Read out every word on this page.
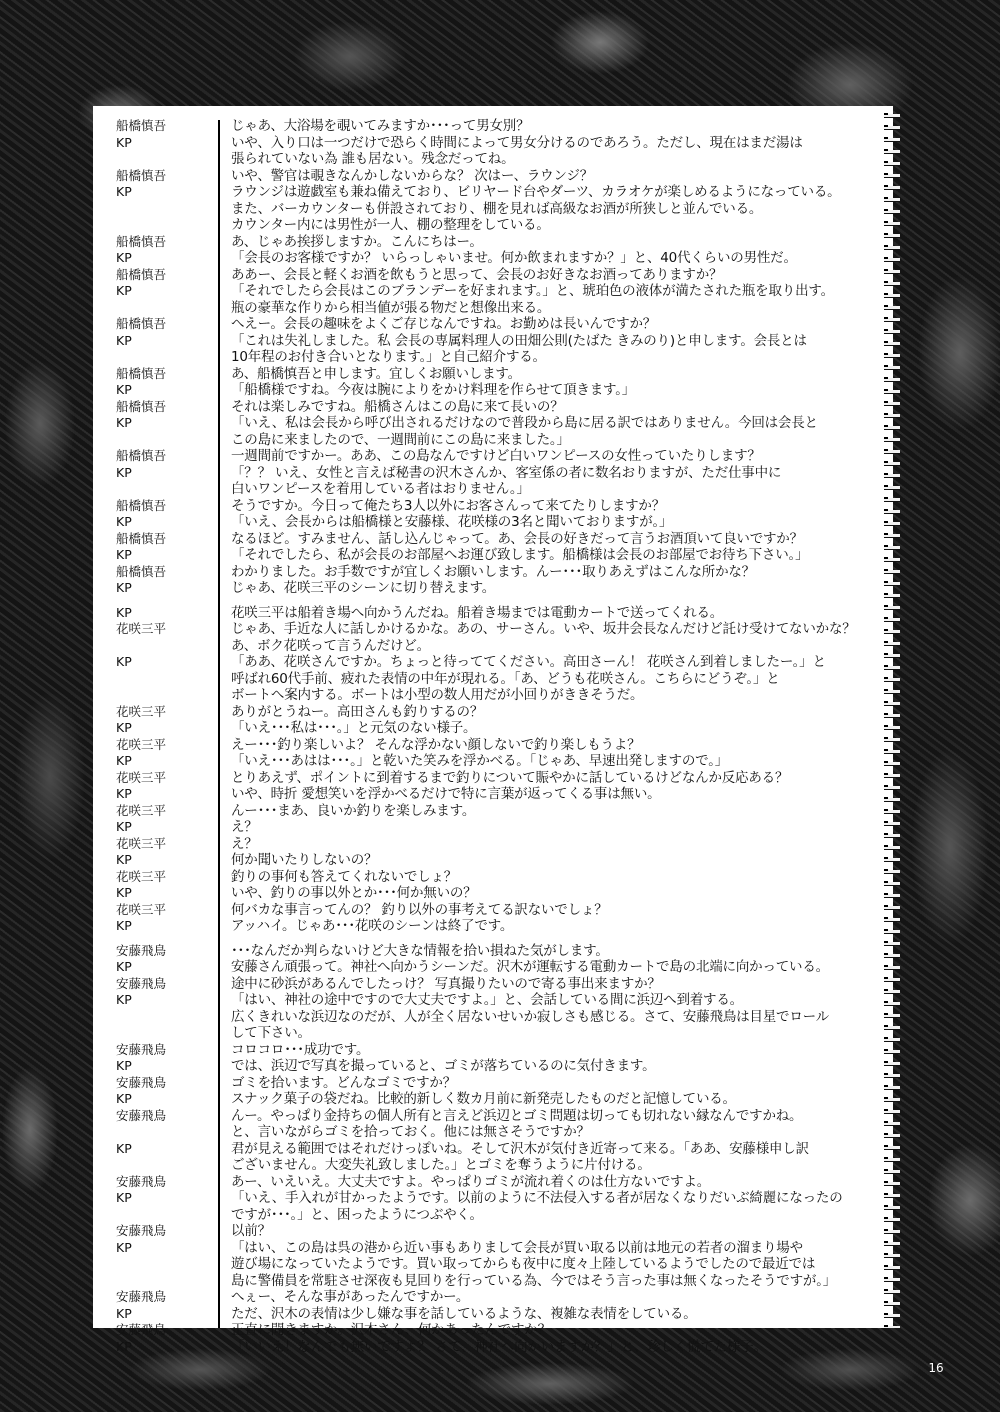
船橋慎吾	じゃあ、大浴場を覗いてみますか･･･って男女別？
KP	いや、入り口は一つだけで恐らく時間によって男女分けるのであろう。ただし、現在はまだ湯は
張られていない為 誰も居ない。残念だってね。
船橋慎吾	いや、警官は覗きなんかしないからな？ 次はー、ラウンジ？
KP	ラウンジは遊戯室も兼ね備えており、ビリヤード台やダーツ、カラオケが楽しめるようになっている。
また、バーカウンターも併設されており、棚を見れば高級なお酒が所狭しと並んでいる。
カウンター内には男性が一人、棚の整理をしている。
船橋慎吾	あ、じゃあ挨拶しますか。こんにちはー。
KP	「会長のお客様ですか？ いらっしゃいませ。何か飲まれますか？」と、40代くらいの男性だ。
船橋慎吾	ああー、会長と軽くお酒を飲もうと思って、会長のお好きなお酒ってありますか？
KP	「それでしたら会長はこのブランデーを好まれます。」と、琥珀色の液体が満たされた瓶を取り出す。
瓶の豪華な作りから相当値が張る物だと想像出来る。
船橋慎吾	へえー。会長の趣味をよくご存じなんですね。お勤めは長いんですか？
KP	「これは失礼しました。私 会長の専属料理人の田畑公則(たばた きみのり)と申します。会長とは
10年程のお付き合いとなります。」と自己紹介する。
船橋慎吾	あ、船橋慎吾と申します。宜しくお願いします。
KP	「船橋様ですね。今夜は腕によりをかけ料理を作らせて頂きます。」
船橋慎吾	それは楽しみですね。船橋さんはこの島に来て長いの？
KP	「いえ、私は会長から呼び出されるだけなので普段から島に居る訳ではありません。今回は会長と
この島に来ましたので、一週間前にこの島に来ました。」
船橋慎吾	一週間前ですかー。ああ、この島なんですけど白いワンピースの女性っていたりします？
KP	「？？ いえ、女性と言えば秘書の沢木さんか、客室係の者に数名おりますが、ただ仕事中に
白いワンピースを着用している者はおりません。」
船橋慎吾	そうですか。今日って俺たち3人以外にお客さんって来てたりしますか？
KP	「いえ、会長からは船橋様と安藤様、花咲様の3名と聞いておりますが。」
船橋慎吾	なるほど。すみません、話し込んじゃって。あ、会長の好きだって言うお酒頂いて良いですか？
KP	「それでしたら、私が会長のお部屋へお運び致します。船橋様は会長のお部屋でお待ち下さい。」
船橋慎吾	わかりました。お手数ですが宜しくお願いします。んー･･･取りあえずはこんな所かな？
KP	じゃあ、花咲三平のシーンに切り替えます。
KP	花咲三平は船着き場へ向かうんだね。船着き場までは電動カートで送ってくれる。
花咲三平	じゃあ、手近な人に話しかけるかな。あの、サーさん。いや、坂井会長なんだけど託け受けてないかな？
あ、ボク花咲って言うんだけど。
KP	「ああ、花咲さんですか。ちょっと待っててください。高田さーん！ 花咲さん到着しましたー。」と
呼ばれ60代手前、疲れた表情の中年が現れる。「あ、どうも花咲さん。こちらにどうぞ。」と
ボートへ案内する。ボートは小型の数人用だが小回りがききそうだ。
花咲三平	ありがとうねー。高田さんも釣りするの？
KP	「いえ･･･私は･･･。」と元気のない様子。
花咲三平	えー･･･釣り楽しいよ？ そんな浮かない顔しないで釣り楽しもうよ？
KP	「いえ･･･あはは･･･。」と乾いた笑みを浮かべる。「じゃあ、早速出発しますので。」
花咲三平	とりあえず、ポイントに到着するまで釣りについて賑やかに話しているけどなんか反応ある？
KP	いや、時折 愛想笑いを浮かべるだけで特に言葉が返ってくる事は無い。
花咲三平	んー･･･まあ、良いか釣りを楽しみます。
KP	え？
花咲三平	え？
KP	何か聞いたりしないの？
花咲三平	釣りの事何も答えてくれないでしょ？
KP	いや、釣りの事以外とか･･･何か無いの？
花咲三平	何バカな事言ってんの？ 釣り以外の事考えてる訳ないでしょ？
KP	アッハイ。じゃあ･･･花咲のシーンは終了です。
安藤飛鳥	･･･なんだか判らないけど大きな情報を拾い損ねた気がします。
KP	安藤さん頑張って。神社へ向かうシーンだ。沢木が運転する電動カートで島の北端に向かっている。
安藤飛鳥	途中に砂浜があるんでしたっけ？ 写真撮りたいので寄る事出来ますか？
KP	「はい、神社の途中ですので大丈夫ですよ。」と、会話している間に浜辺へ到着する。
広くきれいな浜辺なのだが、人が全く居ないせいか寂しさも感じる。さて、安藤飛鳥は目星でロール
して下さい。
安藤飛鳥	コロコロ･･･成功です。
KP	では、浜辺で写真を撮っていると、ゴミが落ちているのに気付きます。
安藤飛鳥	ゴミを拾います。どんなゴミですか？
KP	スナック菓子の袋だね。比較的新しく数カ月前に新発売したものだと記憶している。
安藤飛鳥	んー。やっぱり金持ちの個人所有と言えど浜辺とゴミ問題は切っても切れない縁なんですかね。
と、言いながらゴミを拾っておく。他には無さそうですか？
KP	君が見える範囲ではそれだけっぽいね。そして沢木が気付き近寄って来る。「ああ、安藤様申し訳
ございません。大変失礼致しました。」とゴミを奪うように片付ける。
安藤飛鳥	あー、いえいえ。大丈夫ですよ。やっぱりゴミが流れ着くのは仕方ないですよ。
KP	「いえ、手入れが甘かったようです。以前のように不法侵入する者が居なくなりだいぶ綺麗になったの
ですが･･･。」と、困ったようにつぶやく。
安藤飛鳥	以前？
KP	「はい、この島は呉の港から近い事もありまして会長が買い取る以前は地元の若者の溜まり場や
遊び場になっていたようです。買い取ってからも夜中に度々上陸しているようでしたので最近では
島に警備員を常駐させ深夜も見回りを行っている為、今ではそう言った事は無くなったそうですが。」
安藤飛鳥	へぇー、そんな事があったんですかー。
KP	ただ、沢木の表情は少し嫌な事を話しているような、複雑な表情をしている。
安藤飛鳥	正直に聞きますか。沢木さん、何かあったんですか？
KP	「いいえ！なんでも無いですよ？ さて、神社へ向かいますか？」と、珍しく慌てた様子。
16
